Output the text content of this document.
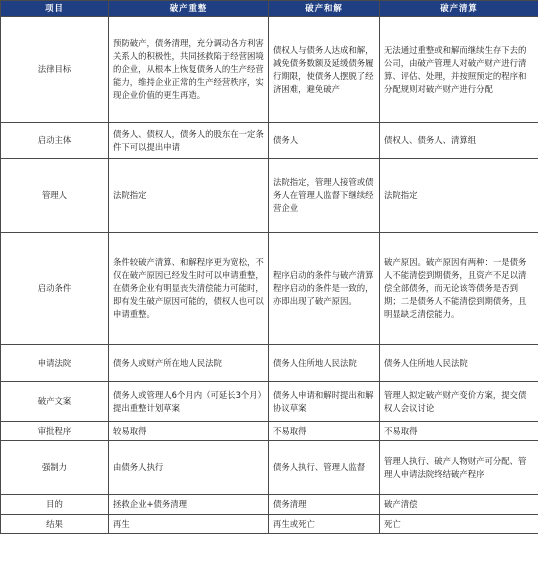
项目	破产重整	破产和解	破产清算
法律目标	预防破产，债务清理，充分调动各方利害关系人的积极性，共同拯救陷于经营困境的企业，从根本上恢复债务人的生产经营能力，维持企业正常的生产经营秩序，实现企业价值的更生再造。	债权人与债务人达成和解，减免债务数额及延缓债务履行期限，使债务人摆脱了经济困难，避免破产	无法通过重整或和解而继续生存下去的公司，由破产管理人对破产财产进行清算、评估、处理，并按照预定的程序和分配规则对破产财产进行分配
启动主体	债务人、债权人，债务人的股东在一定条件下可以提出申请	债务人	债权人、债务人、清算组
管理人	法院指定	法院指定，管理人接管或债务人在管理人监督下继续经营企业	法院指定
启动条件	条件较破产清算、和解程序更为宽松，不仅在破产原因已经发生时可以申请重整，在债务企业有明显丧失清偿能力可能时，即有发生破产原因可能的，债权人也可以申请重整。	程序启动的条件与破产清算程序启动的条件是一致的，亦即出现了破产原因。	破产原因。破产原因有两种：一是债务人不能清偿到期债务，且资产不足以清偿全部债务，而无论该等债务是否到期；二是债务人不能清偿到期债务，且明显缺乏清偿能力。
申请法院	债务人或财产所在地人民法院	债务人住所地人民法院	债务人住所地人民法院
破产文案	债务人或管理人6个月内（可延长3个月）提出重整计划草案	债务人申请和解时提出和解协议草案	管理人拟定破产财产变价方案，提交债权人会议讨论
审批程序	较易取得	不易取得	不易取得
强制力	由债务人执行	债务人执行、管理人监督	管理人执行、破产人物财产可分配、管理人申请法院终结破产程序
目的	拯救企业+债务清理	债务清理	破产清偿
结果	再生	再生或死亡	死亡
